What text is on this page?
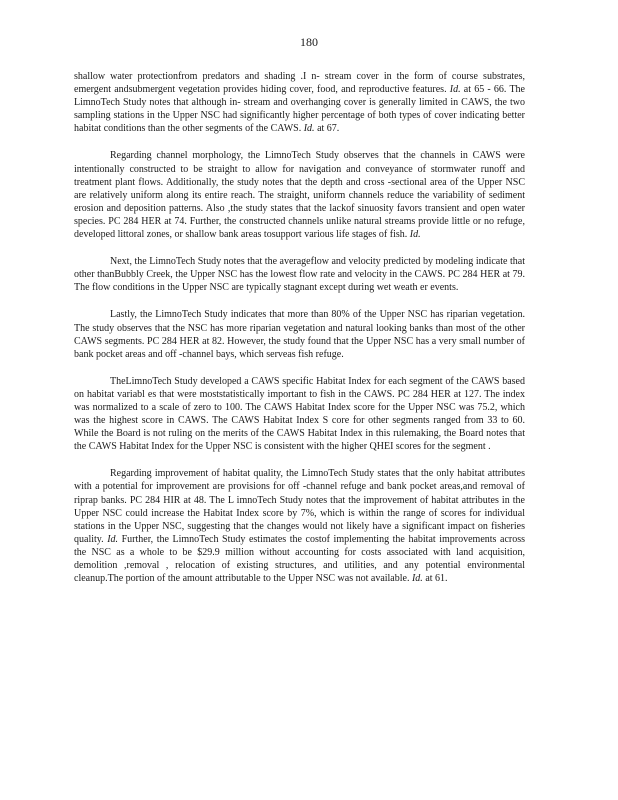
180

shallow water protectionfrom predators and shading .I n- stream cover in the form of course substrates, emergent andsubmergent vegetation provides hiding cover, food, and reproductive features. Id. at 65 - 66. The LimnoTech Study notes that although in- stream and overhanging cover is generally limited in CAWS, the two sampling stations in the Upper NSC had significantly higher percentage of both types of cover indicating better habitat conditions than the other segments of the CAWS. Id. at 67.

Regarding channel morphology, the LimnoTech Study observes that the channels in CAWS were intentionally constructed to be straight to allow for navigation and conveyance of stormwater runoff and treatment plant flows. Additionally, the study notes that the depth and cross -sectional area of the Upper NSC are relatively uniform along its entire reach. The straight, uniform channels reduce the variability of sediment erosion and deposition patterns. Also ,the study states that the lackof sinuosity favors transient and open water species. PC 284 HER at 74. Further, the constructed channels unlike natural streams provide little or no refuge, developed littoral zones, or shallow bank areas tosupport various life stages of fish. Id.

Next, the LimnoTech Study notes that the averageflow and velocity predicted by modeling indicate that other thanBubbly Creek, the Upper NSC has the lowest flow rate and velocity in the CAWS. PC 284 HER at 79. The flow conditions in the Upper NSC are typically stagnant except during wet weath er events.

Lastly, the LimnoTech Study indicates that more than 80% of the Upper NSC has riparian vegetation. The study observes that the NSC has more riparian vegetation and natural looking banks than most of the other CAWS segments. PC 284 HER at 82. However, the study found that the Upper NSC has a very small number of bank pocket areas and off -channel bays, which serveas fish refuge.

TheLimnoTech Study developed a CAWS specific Habitat Index for each segment of the CAWS based on habitat variabl es that were moststatistically important to fish in the CAWS. PC 284 HER at 127. The index was normalized to a scale of zero to 100. The CAWS Habitat Index score for the Upper NSC was 75.2, which was the highest score in CAWS. The CAWS Habitat Index S core for other segments ranged from 33 to 60. While the Board is not ruling on the merits of the CAWS Habitat Index in this rulemaking, the Board notes that the CAWS Habitat Index for the Upper NSC is consistent with the higher QHEI scores for the segment .

Regarding improvement of habitat quality, the LimnoTech Study states that the only habitat attributes with a potential for improvement are provisions for off -channel refuge and bank pocket areas,and removal of riprap banks. PC 284 HIR at 48. The L imnoTech Study notes that the improvement of habitat attributes in the Upper NSC could increase the Habitat Index score by 7%, which is within the range of scores for individual stations in the Upper NSC, suggesting that the changes would not likely have a significant impact on fisheries quality. Id. Further, the LimnoTech Study estimates the costof implementing the habitat improvements across the NSC as a whole to be $29.9 million without accounting for costs associated with land acquisition, demolition ,removal , relocation of existing structures, and utilities, and any potential environmental cleanup.The portion of the amount attributable to the Upper NSC was not available. Id. at 61.
